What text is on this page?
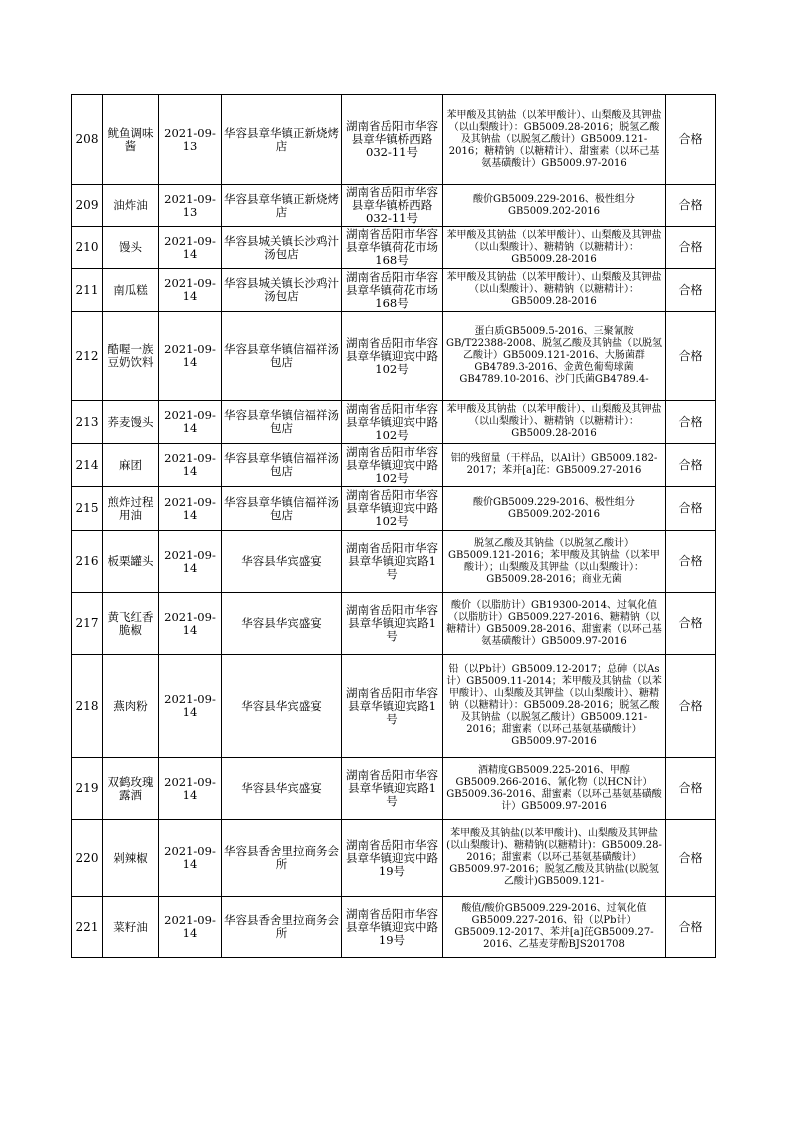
208	鱿鱼调味酱	2021-09-13	华容县章华镇正新烧烤店	湖南省岳阳市华容县章华镇桥西路032-11号	苯甲酸及其钠盐（以苯甲酸计）、山梨酸及其钾盐（以山梨酸计）：GB5009.28-2016；脱氢乙酸及其钠盐（以脱氢乙酸计）GB5009.121-2016；糖精钠（以糖精计）、甜蜜素（以环己基氨基磺酸计）GB5009.97-2016	合格
209	油炸油	2021-09-13	华容县章华镇正新烧烤店	湖南省岳阳市华容县章华镇桥西路032-11号	酸价GB5009.229-2016、极性组分GB5009.202-2016	合格
210	馒头	2021-09-14	华容县城关镇长沙鸡汁汤包店	湖南省岳阳市华容县章华镇荷花市场168号	苯甲酸及其钠盐（以苯甲酸计）、山梨酸及其钾盐（以山梨酸计）、糖精钠（以糖精计）：GB5009.28-2016	合格
211	南瓜糕	2021-09-14	华容县城关镇长沙鸡汁汤包店	湖南省岳阳市华容县章华镇荷花市场168号	苯甲酸及其钠盐（以苯甲酸计）、山梨酸及其钾盐（以山梨酸计）、糖精钠（以糖精计）：GB5009.28-2016	合格
212	酷喔一族豆奶饮料	2021-09-14	华容县章华镇信福祥汤包店	湖南省岳阳市华容县章华镇迎宾中路102号	蛋白质GB5009.5-2016、三聚氰胺GB/T22388-2008、脱氢乙酸及其钠盐（以脱氢乙酸计）GB5009.121-2016、大肠菌群GB4789.3-2016、金黄色葡萄球菌GB4789.10-2016、沙门氏菌GB4789.4-	合格
213	荞麦馒头	2021-09-14	华容县章华镇信福祥汤包店	湖南省岳阳市华容县章华镇迎宾中路102号	苯甲酸及其钠盐（以苯甲酸计）、山梨酸及其钾盐（以山梨酸计）、糖精钠（以糖精计）：GB5009.28-2016	合格
214	麻团	2021-09-14	华容县章华镇信福祥汤包店	湖南省岳阳市华容县章华镇迎宾中路102号	铝的残留量（干样品，以Al计）GB5009.182-2017；苯并[a]芘：GB5009.27-2016	合格
215	煎炸过程用油	2021-09-14	华容县章华镇信福祥汤包店	湖南省岳阳市华容县章华镇迎宾中路102号	酸价GB5009.229-2016、极性组分GB5009.202-2016	合格
216	板栗罐头	2021-09-14	华容县华宾盛宴	湖南省岳阳市华容县章华镇迎宾路1号	脱氢乙酸及其钠盐（以脱氢乙酸计）GB5009.121-2016；苯甲酸及其钠盐（以苯甲酸计）；山梨酸及其钾盐（以山梨酸计）：GB5009.28-2016；商业无菌	合格
217	黄飞红香脆椒	2021-09-14	华容县华宾盛宴	湖南省岳阳市华容县章华镇迎宾路1号	酸价（以脂肪计）GB19300-2014、过氧化值（以脂肪计）GB5009.227-2016、糖精钠（以糖精计）GB5009.28-2016、甜蜜素（以环己基氨基磺酸计）GB5009.97-2016	合格
218	燕肉粉	2021-09-14	华容县华宾盛宴	湖南省岳阳市华容县章华镇迎宾路1号	铅（以Pb计）GB5009.12-2017；总砷（以As计）GB5009.11-2014；苯甲酸及其钠盐（以苯甲酸计）、山梨酸及其钾盐（以山梨酸计）、糖精钠（以糖精计）：GB5009.28-2016；脱氢乙酸及其钠盐（以脱氢乙酸计）GB5009.121-2016；甜蜜素（以环己基氨基磺酸计）GB5009.97-2016	合格
219	双鹤玫瑰露酒	2021-09-14	华容县华宾盛宴	湖南省岳阳市华容县章华镇迎宾路1号	酒精度GB5009.225-2016、甲醇GB5009.266-2016、氰化物（以HCN计）GB5009.36-2016、甜蜜素（以环己基氨基磺酸计）GB5009.97-2016	合格
220	剁辣椒	2021-09-14	华容县香舍里拉商务会所	湖南省岳阳市华容县章华镇迎宾中路19号	苯甲酸及其钠盐(以苯甲酸计)、山梨酸及其钾盐(以山梨酸计)、糖精钠(以糖精计)：GB5009.28-2016；甜蜜素（以环己基氨基磺酸计）GB5009.97-2016；脱氢乙酸及其钠盐(以脱氢乙酸计)GB5009.121-	合格
221	菜籽油	2021-09-14	华容县香舍里拉商务会所	湖南省岳阳市华容县章华镇迎宾中路19号	酸值/酸价GB5009.229-2016、过氧化值GB5009.227-2016、铅（以Pb计）GB5009.12-2017、苯并[a]芘GB5009.27-2016、乙基麦芽酚BJS201708	合格
